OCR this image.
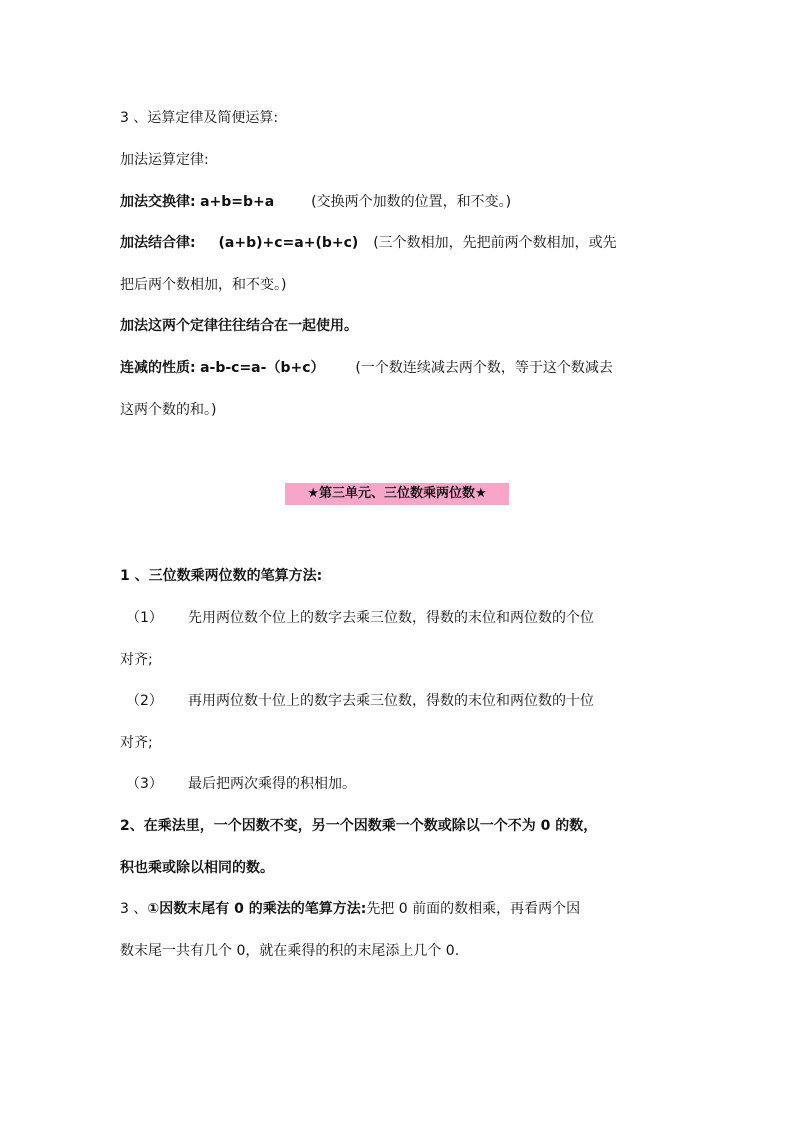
3 、运算定律及简便运算:
加法运算定律:
加法交换律: a+b=b+a	(交换两个加数的位置，和不变。)
加法结合律: (a+b)+c=a+(b+c) (三个数相加，先把前两个数相加，或先
把后两个数相加，和不变。)
加法这两个定律往往结合在一起使用。
连减的性质: a-b-c=a-（b+c） (一个数连续减去两个数，等于这个数减去
这两个数的和。)
★第三单元、三位数乘两位数★
1 、三位数乘两位数的笔算方法:
（1） 先用两位数个位上的数字去乘三位数，得数的末位和两位数的个位
对齐;
（2） 再用两位数十位上的数字去乘三位数，得数的末位和两位数的十位
对齐;
（3） 最后把两次乘得的积相加。
2、在乘法里，一个因数不变，另一个因数乘一个数或除以一个不为 0 的数，
积也乘或除以相同的数。
3 、①因数末尾有 0 的乘法的笔算方法:先把 0 前面的数相乘，再看两个因
数末尾一共有几个 0，就在乘得的积的末尾添上几个 0.
